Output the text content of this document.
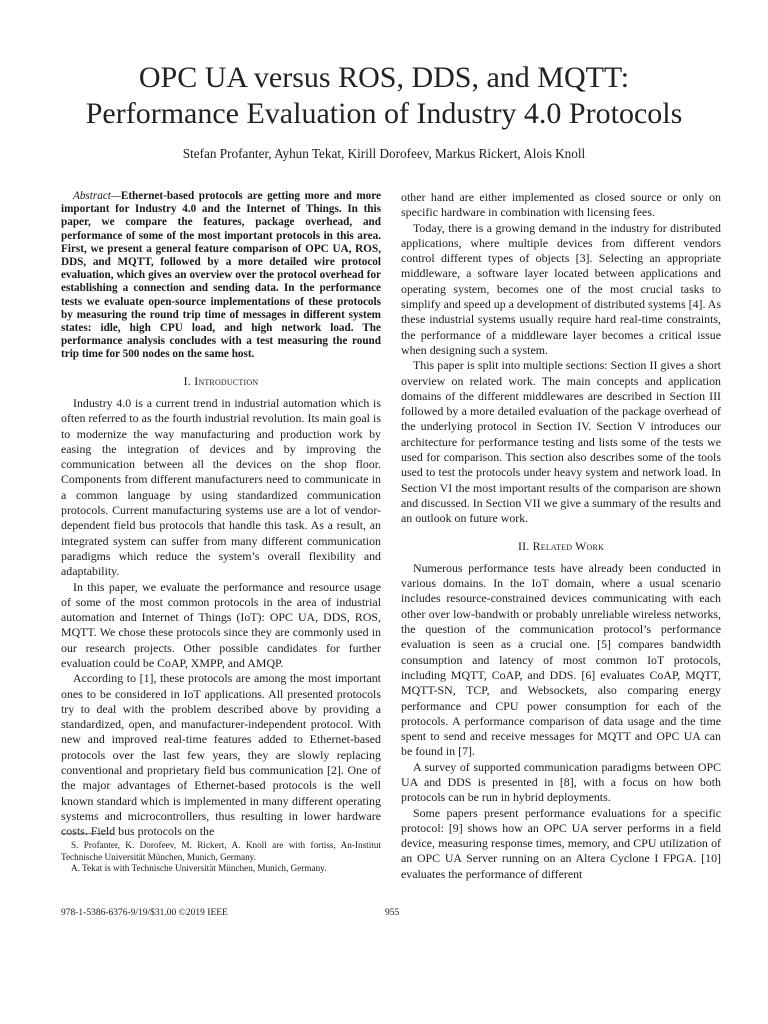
OPC UA versus ROS, DDS, and MQTT:
Performance Evaluation of Industry 4.0 Protocols
Stefan Profanter, Ayhun Tekat, Kirill Dorofeev, Markus Rickert, Alois Knoll

Abstract—Ethernet-based protocols are getting more and more important for Industry 4.0 and the Internet of Things. In this paper, we compare the features, package overhead, and performance of some of the most important protocols in this area. First, we present a general feature comparison of OPC UA, ROS, DDS, and MQTT, followed by a more detailed wire protocol evaluation, which gives an overview over the protocol overhead for establishing a connection and sending data. In the performance tests we evaluate open-source implementations of these protocols by measuring the round trip time of messages in different system states: idle, high CPU load, and high network load. The performance analysis concludes with a test measuring the round trip time for 500 nodes on the same host.

I. Introduction

Industry 4.0 is a current trend in industrial automation which is often referred to as the fourth industrial revolution. Its main goal is to modernize the way manufacturing and production work by easing the integration of devices and by improving the communication between all the devices on the shop floor. Components from different manufacturers need to communicate in a common language by using standardized communication protocols. Current manufacturing systems use are a lot of vendor-dependent field bus protocols that handle this task. As a result, an integrated system can suffer from many different communication paradigms which reduce the system’s overall flexibility and adaptability.

In this paper, we evaluate the performance and resource usage of some of the most common protocols in the area of industrial automation and Internet of Things (IoT): OPC UA, DDS, ROS, MQTT. We chose these protocols since they are commonly used in our research projects. Other possible candidates for further evaluation could be CoAP, XMPP, and AMQP.

According to [1], these protocols are among the most important ones to be considered in IoT applications. All presented protocols try to deal with the problem described above by providing a standardized, open, and manufacturer-independent protocol. With new and improved real-time features added to Ethernet-based protocols over the last few years, they are slowly replacing conventional and proprietary field bus communication [2]. One of the major advantages of Ethernet-based protocols is the well known standard which is implemented in many different operating systems and microcontrollers, thus resulting in lower hardware costs. Field bus protocols on the

other hand are either implemented as closed source or only on specific hardware in combination with licensing fees.

Today, there is a growing demand in the industry for distributed applications, where multiple devices from different vendors control different types of objects [3]. Selecting an appropriate middleware, a software layer located between applications and operating system, becomes one of the most crucial tasks to simplify and speed up a development of distributed systems [4]. As these industrial systems usually require hard real-time constraints, the performance of a middleware layer becomes a critical issue when designing such a system.

This paper is split into multiple sections: Section II gives a short overview on related work. The main concepts and application domains of the different middlewares are described in Section III followed by a more detailed evaluation of the package overhead of the underlying protocol in Section IV. Section V introduces our architecture for performance testing and lists some of the tests we used for comparison. This section also describes some of the tools used to test the protocols under heavy system and network load. In Section VI the most important results of the comparison are shown and discussed. In Section VII we give a summary of the results and an outlook on future work.

II. Related Work

Numerous performance tests have already been conducted in various domains. In the IoT domain, where a usual scenario includes resource-constrained devices communicating with each other over low-bandwith or probably unreliable wireless networks, the question of the communication protocol’s performance evaluation is seen as a crucial one. [5] compares bandwidth consumption and latency of most common IoT protocols, including MQTT, CoAP, and DDS. [6] evaluates CoAP, MQTT, MQTT-SN, TCP, and Websockets, also comparing energy performance and CPU power consumption for each of the protocols. A performance comparison of data usage and the time spent to send and receive messages for MQTT and OPC UA can be found in [7].

A survey of supported communication paradigms between OPC UA and DDS is presented in [8], with a focus on how both protocols can be run in hybrid deployments.

Some papers present performance evaluations for a specific protocol: [9] shows how an OPC UA server performs in a field device, measuring response times, memory, and CPU utilization of an OPC UA Server running on an Altera Cyclone I FPGA. [10] evaluates the performance of different

S. Profanter, K. Dorofeev, M. Rickert, A. Knoll are with fortiss, An-Institut Technische Universität München, Munich, Germany.

A. Tekat is with Technische Universität München, Munich, Germany.

978-1-5386-6376-9/19/$31.00 ©2019 IEEE	955
